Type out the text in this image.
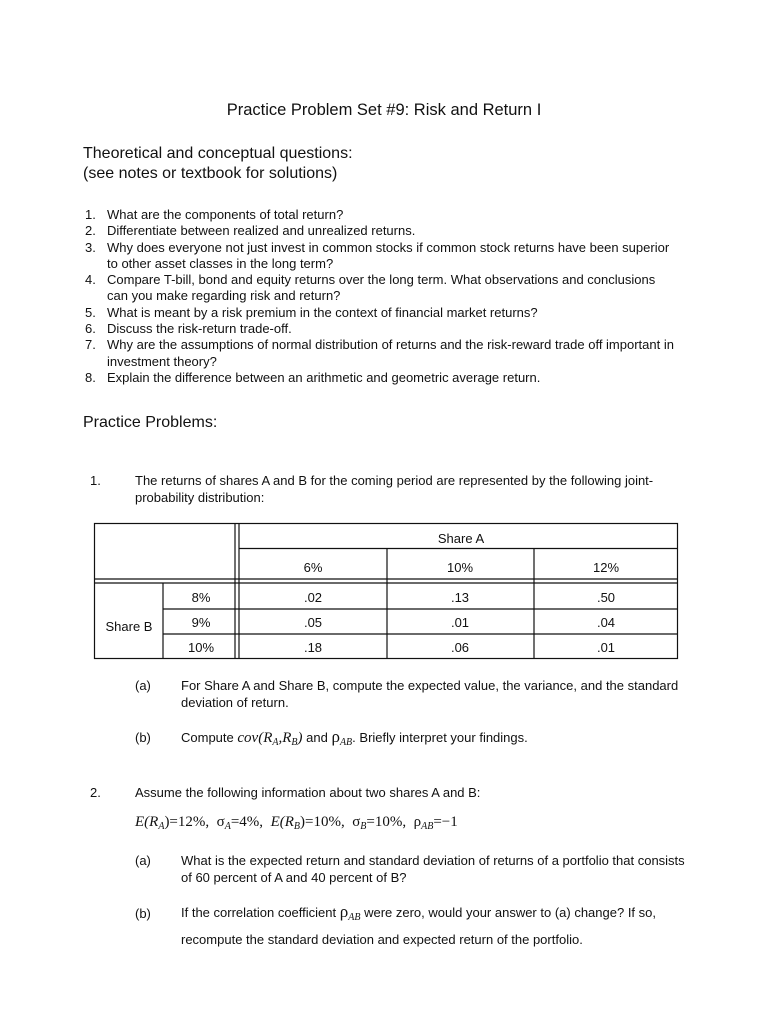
Practice Problem Set #9: Risk and Return I
Theoretical and conceptual questions:
(see notes or textbook for solutions)
1. What are the components of total return?
2. Differentiate between realized and unrealized returns.
3. Why does everyone not just invest in common stocks if common stock returns have been superior to other asset classes in the long term?
4. Compare T-bill, bond and equity returns over the long term. What observations and conclusions can you make regarding risk and return?
5. What is meant by a risk premium in the context of financial market returns?
6. Discuss the risk-return trade-off.
7. Why are the assumptions of normal distribution of returns and the risk-reward trade off important in investment theory?
8. Explain the difference between an arithmetic and geometric average return.
Practice Problems:
1.	The returns of shares A and B for the coming period are represented by the following joint-probability distribution:
Share A
6%	10%	12%
Share B
8%	.02	.13	.50
9%	.05	.01	.04
10%	.18	.06	.01
(a) For Share A and Share B, compute the expected value, the variance, and the standard deviation of return.
(b) Compute $cov(R_A,R_B)$ and $\rho_{AB}$. Briefly interpret your findings.
2.	Assume the following information about two shares A and B:
$E(R_A)=12\%$, $\sigma_A=4\%$, $E(R_B)=10\%$, $\sigma_B=10\%$, $\rho_{AB}=-1$
(a) What is the expected return and standard deviation of returns of a portfolio that consists of 60 percent of A and 40 percent of B?
(b) If the correlation coefficient $\rho_{AB}$ were zero, would your answer to (a) change? If so, recompute the standard deviation and expected return of the portfolio.
